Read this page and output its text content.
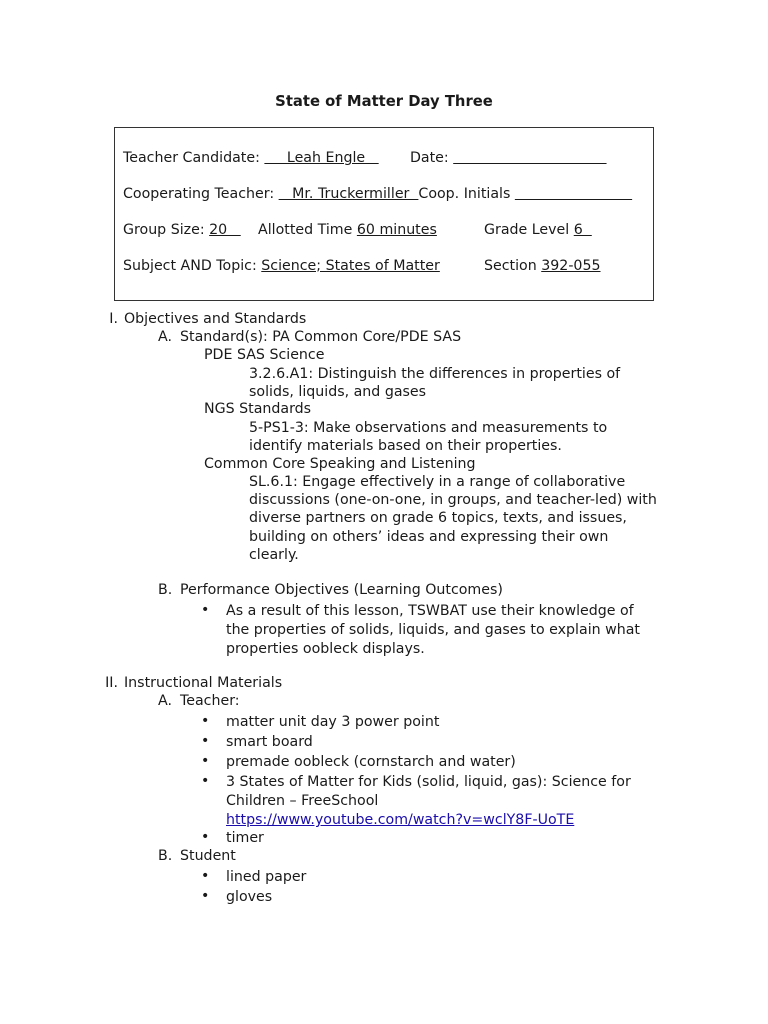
State of Matter Day Three
Teacher Candidate:      Leah Engle Date:
Cooperating Teacher:    Mr. Truckermiller  Coop. Initials
Group Size: 20 Allotted Time 60 minutes	Grade Level 6
Subject AND Topic: Science; States of Matter	Section 392-055
I. Objectives and Standards
A. Standard(s): PA Common Core/PDE SAS
PDE SAS Science
3.2.6.A1: Distinguish the differences in properties of solids, liquids, and gases
NGS Standards
5-PS1-3: Make observations and measurements to identify materials based on their properties.
Common Core Speaking and Listening
SL.6.1: Engage effectively in a range of collaborative discussions (one-on-one, in groups, and teacher-led) with diverse partners on grade 6 topics, texts, and issues, building on others’ ideas and expressing their own clearly.
B. Performance Objectives (Learning Outcomes)
• As a result of this lesson, TSWBAT use their knowledge of the properties of solids, liquids, and gases to explain what properties oobleck displays.
II. Instructional Materials
A. Teacher:
• matter unit day 3 power point
• smart board
• premade oobleck (cornstarch and water)
• 3 States of Matter for Kids (solid, liquid, gas): Science for Children – FreeSchool
https://www.youtube.com/watch?v=wclY8F-UoTE
• timer
B. Student
• lined paper
• gloves
